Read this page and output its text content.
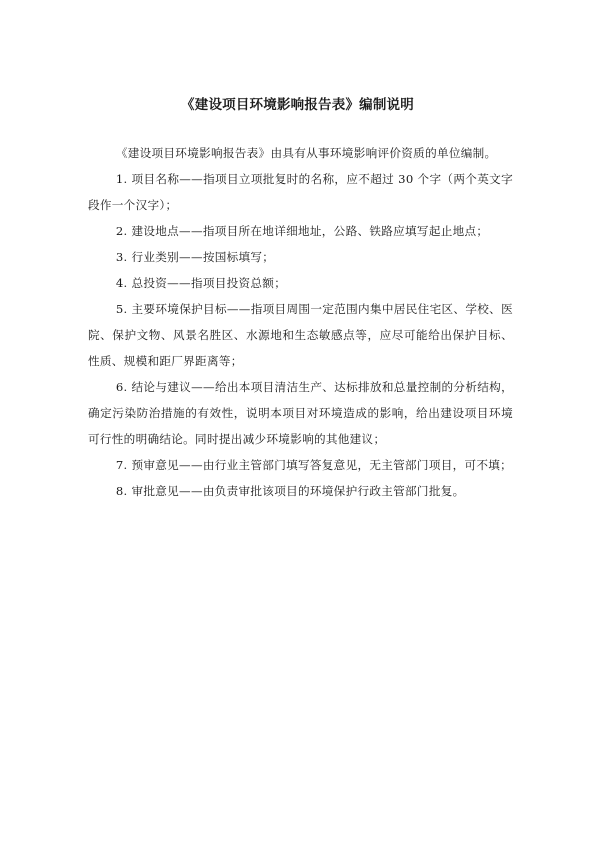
《建设项目环境影响报告表》编制说明

《建设项目环境影响报告表》由具有从事环境影响评价资质的单位编制。

1. 项目名称——指项目立项批复时的名称，应不超过 30 个字（两个英文字段作一个汉字）；

2. 建设地点——指项目所在地详细地址，公路、铁路应填写起止地点；

3. 行业类别——按国标填写；

4. 总投资——指项目投资总额；

5. 主要环境保护目标——指项目周围一定范围内集中居民住宅区、学校、医院、保护文物、风景名胜区、水源地和生态敏感点等，应尽可能给出保护目标、性质、规模和距厂界距离等；

6. 结论与建议——给出本项目清洁生产、达标排放和总量控制的分析结构，确定污染防治措施的有效性，说明本项目对环境造成的影响，给出建设项目环境可行性的明确结论。同时提出减少环境影响的其他建议；

7. 预审意见——由行业主管部门填写答复意见，无主管部门项目，可不填；

8. 审批意见——由负责审批该项目的环境保护行政主管部门批复。
